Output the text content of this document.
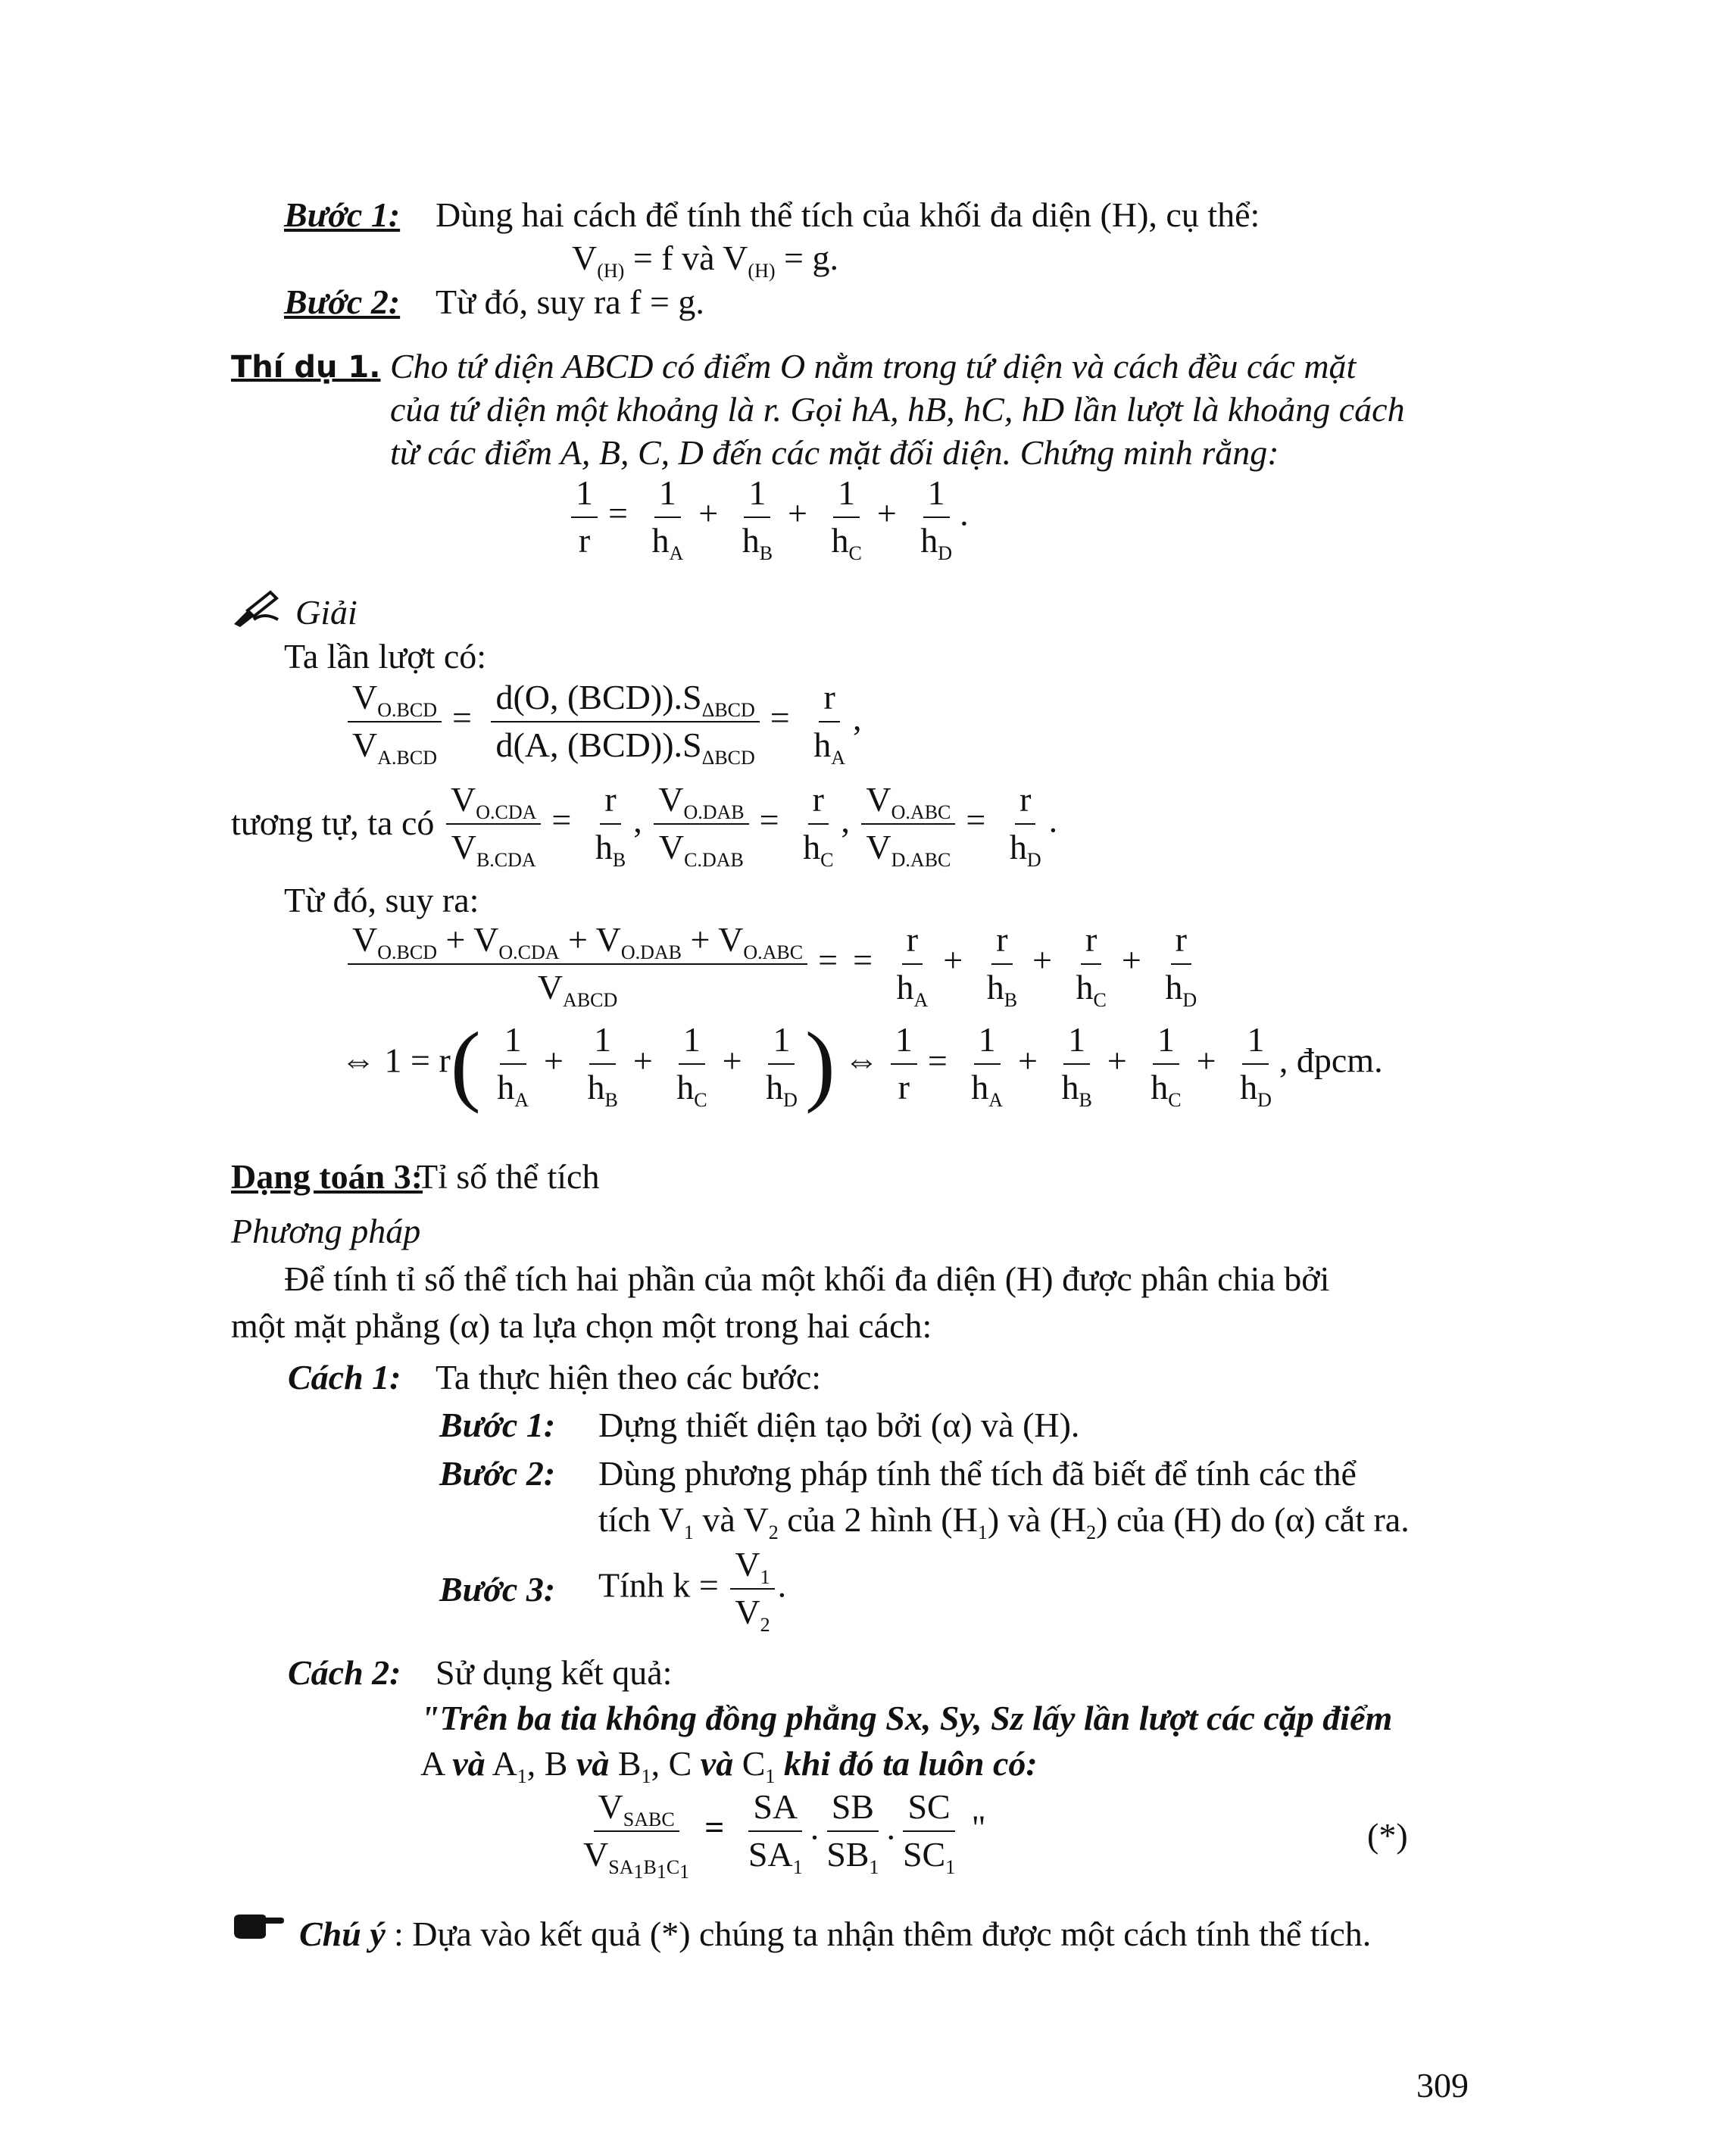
Bước 1: Dùng hai cách để tính thể tích của khối đa diện (H), cụ thể:
$V_{(H)} = f$ và $V_{(H)} = g$.
Bước 2: Từ đó, suy ra f = g.
Thí dụ 1. Cho tứ diện ABCD có điểm O nằm trong tứ diện và cách đều các mặt
của tứ diện một khoảng là r. Gọi hA, hB, hC, hD lần lượt là khoảng cách
từ các điểm A, B, C, D đến các mặt đối diện. Chứng minh rằng:
$\frac{1}{r} = \frac{1}{h_A} + \frac{1}{h_B} + \frac{1}{h_C} + \frac{1}{h_D}$ .
Giải
Ta lần lượt có:
$\frac{V_{O.BCD}}{V_{A.BCD}} = \frac{d(O, (BCD)).S_{\Delta BCD}}{d(A, (BCD)).S_{\Delta BCD}} = \frac{r}{h_A}$ ,
tương tự, ta có $\frac{V_{O.CDA}}{V_{B.CDA}} = \frac{r}{h_B}$ , $\frac{V_{O.DAB}}{V_{C.DAB}} = \frac{r}{h_C}$ , $\frac{V_{O.ABC}}{V_{D.ABC}} = \frac{r}{h_D}$ .
Từ đó, suy ra:
$\frac{V_{O.BCD} + V_{O.CDA} + V_{O.DAB} + V_{O.ABC}}{V_{ABCD}}$ = = $\frac{r}{h_A} + \frac{r}{h_B} + \frac{r}{h_C} + \frac{r}{h_D}$
⇔ $1 = r( \frac{1}{h_A} + \frac{1}{h_B} + \frac{1}{h_C} + \frac{1}{h_D}$ ) ⇔ $\frac{1}{r} = \frac{1}{h_A} + \frac{1}{h_B} + \frac{1}{h_C} + \frac{1}{h_D}$ , đpcm.
Dạng toán 3:
Tỉ số thể tích
Phương pháp
Để tính tỉ số thể tích hai phần của một khối đa diện (H) được phân chia bởi
một mặt phẳng (α) ta lựa chọn một trong hai cách:
Cách 1: Ta thực hiện theo các bước:
Bước 1: Dựng thiết diện tạo bởi (α) và (H).
Bước 2: Dùng phương pháp tính thể tích đã biết để tính các thể
tích $V_1$ và $V_2$ của 2 hình $(H_1)$ và $(H_2)$ của (H) do (α) cắt ra.
Bước 3: Tính $k = \frac{V_1}{V_2}$ .
Cách 2: Sử dụng kết quả:
"Trên ba tia không đồng phẳng Sx, Sy, Sz lấy lần lượt các cặp điểm
A và $A_1$, B và $B_1$, C và $C_1$ khi đó ta luôn có:
$\frac{V_{SABC}}{V_{SA_1B_1C_1}} = \frac{SA}{SA_1}$ . $\frac{SB}{SB_1}$ . $\frac{SC}{SC_1}$ "	(*)
Chú ý : Dựa vào kết quả (*) chúng ta nhận thêm được một cách tính thể tích.
309
